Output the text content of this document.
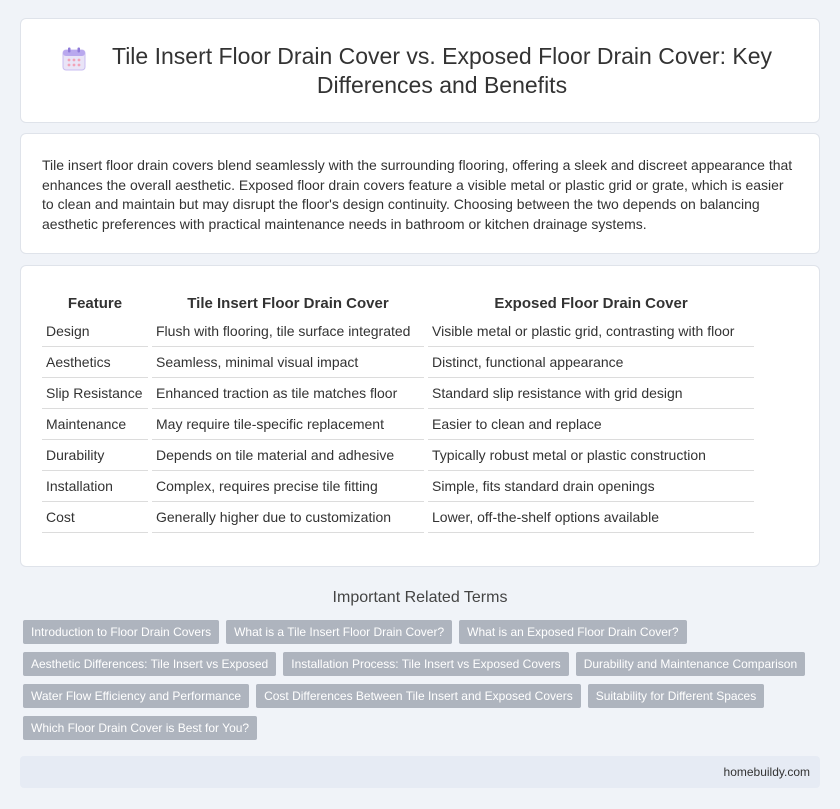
Tile Insert Floor Drain Cover vs. Exposed Floor Drain Cover: Key Differences and Benefits

Tile insert floor drain covers blend seamlessly with the surrounding flooring, offering a sleek and discreet appearance that enhances the overall aesthetic. Exposed floor drain covers feature a visible metal or plastic grid or grate, which is easier to clean and maintain but may disrupt the floor's design continuity. Choosing between the two depends on balancing aesthetic preferences with practical maintenance needs in bathroom or kitchen drainage systems.

Feature	Tile Insert Floor Drain Cover	Exposed Floor Drain Cover
Design	Flush with flooring, tile surface integrated	Visible metal or plastic grid, contrasting with floor
Aesthetics	Seamless, minimal visual impact	Distinct, functional appearance
Slip Resistance	Enhanced traction as tile matches floor	Standard slip resistance with grid design
Maintenance	May require tile-specific replacement	Easier to clean and replace
Durability	Depends on tile material and adhesive	Typically robust metal or plastic construction
Installation	Complex, requires precise tile fitting	Simple, fits standard drain openings
Cost	Generally higher due to customization	Lower, off-the-shelf options available
Important Related Terms
Introduction to Floor Drain Covers	What is a Tile Insert Floor Drain Cover?	What is an Exposed Floor Drain Cover?
Aesthetic Differences: Tile Insert vs Exposed	Installation Process: Tile Insert vs Exposed Covers	Durability and Maintenance Comparison
Water Flow Efficiency and Performance	Cost Differences Between Tile Insert and Exposed Covers	Suitability for Different Spaces
Which Floor Drain Cover is Best for You?
homebuildy.com
